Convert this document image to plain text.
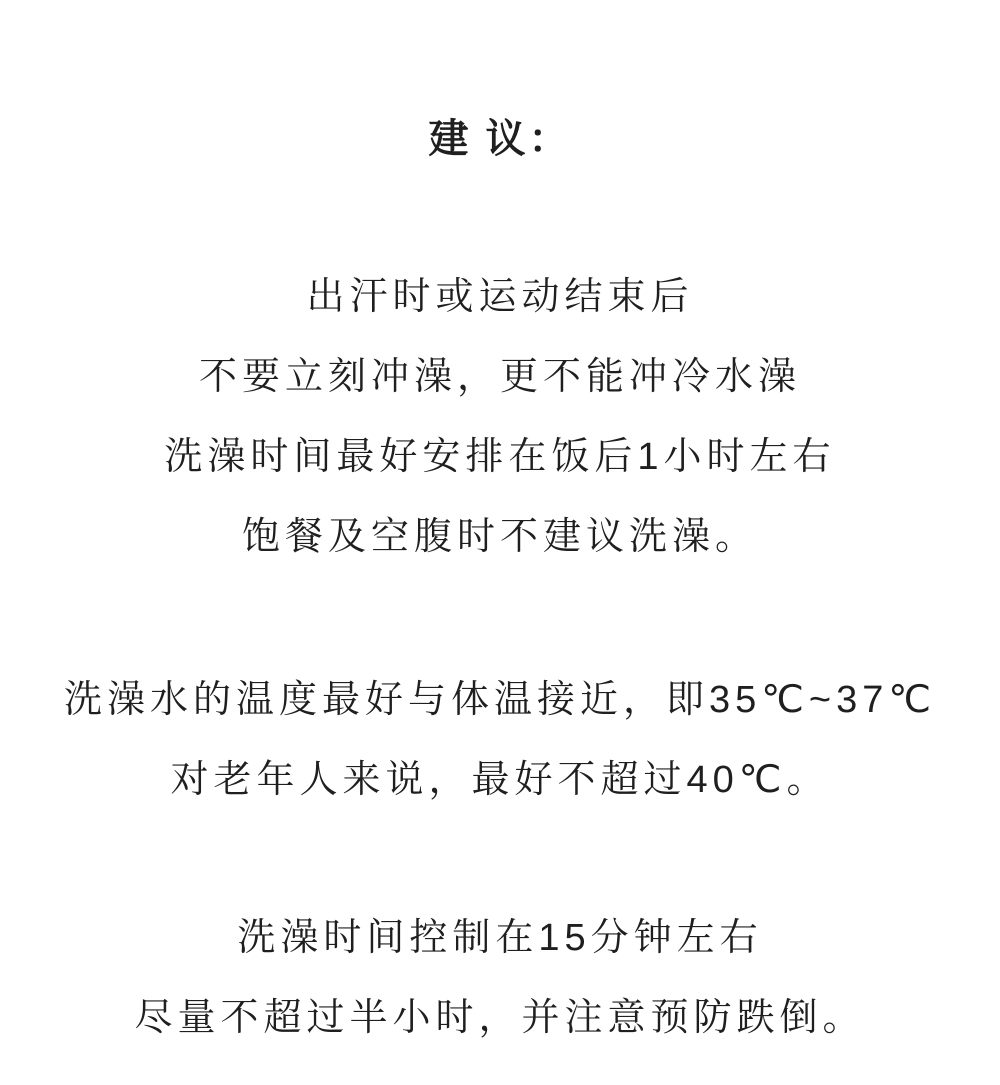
建 议：

出汗时或运动结束后

不要立刻冲澡，更不能冲冷水澡

洗澡时间最好安排在饭后1小时左右

饱餐及空腹时不建议洗澡。

洗澡水的温度最好与体温接近，即35℃~37℃

对老年人来说，最好不超过40℃。

洗澡时间控制在15分钟左右

尽量不超过半小时，并注意预防跌倒。
